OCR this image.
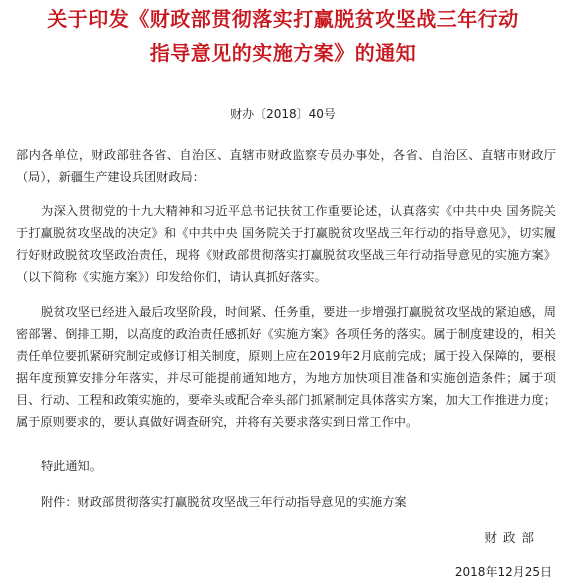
关于印发《财政部贯彻落实打赢脱贫攻坚战三年行动
指导意见的实施方案》的通知
财办〔2018〕40号

部内各单位，财政部驻各省、自治区、直辖市财政监察专员办事处，各省、自治区、直辖市财政厅（局），新疆生产建设兵团财政局：

为深入贯彻党的十九大精神和习近平总书记扶贫工作重要论述，认真落实《中共中央 国务院关于打赢脱贫攻坚战的决定》和《中共中央 国务院关于打赢脱贫攻坚战三年行动的指导意见》，切实履行好财政脱贫攻坚政治责任，现将《财政部贯彻落实打赢脱贫攻坚战三年行动指导意见的实施方案》（以下简称《实施方案》）印发给你们，请认真抓好落实。

脱贫攻坚已经进入最后攻坚阶段，时间紧、任务重，要进一步增强打赢脱贫攻坚战的紧迫感，周密部署、倒排工期，以高度的政治责任感抓好《实施方案》各项任务的落实。属于制度建设的，相关责任单位要抓紧研究制定或修订相关制度，原则上应在2019年2月底前完成；属于投入保障的，要根据年度预算安排分年落实，并尽可能提前通知地方，为地方加快项目准备和实施创造条件；属于项目、行动、工程和政策实施的，要牵头或配合牵头部门抓紧制定具体落实方案，加大工作推进力度；属于原则要求的，要认真做好调查研究，并将有关要求落实到日常工作中。

特此通知。

附件：财政部贯彻落实打赢脱贫攻坚战三年行动指导意见的实施方案

财政部
2018年12月25日
